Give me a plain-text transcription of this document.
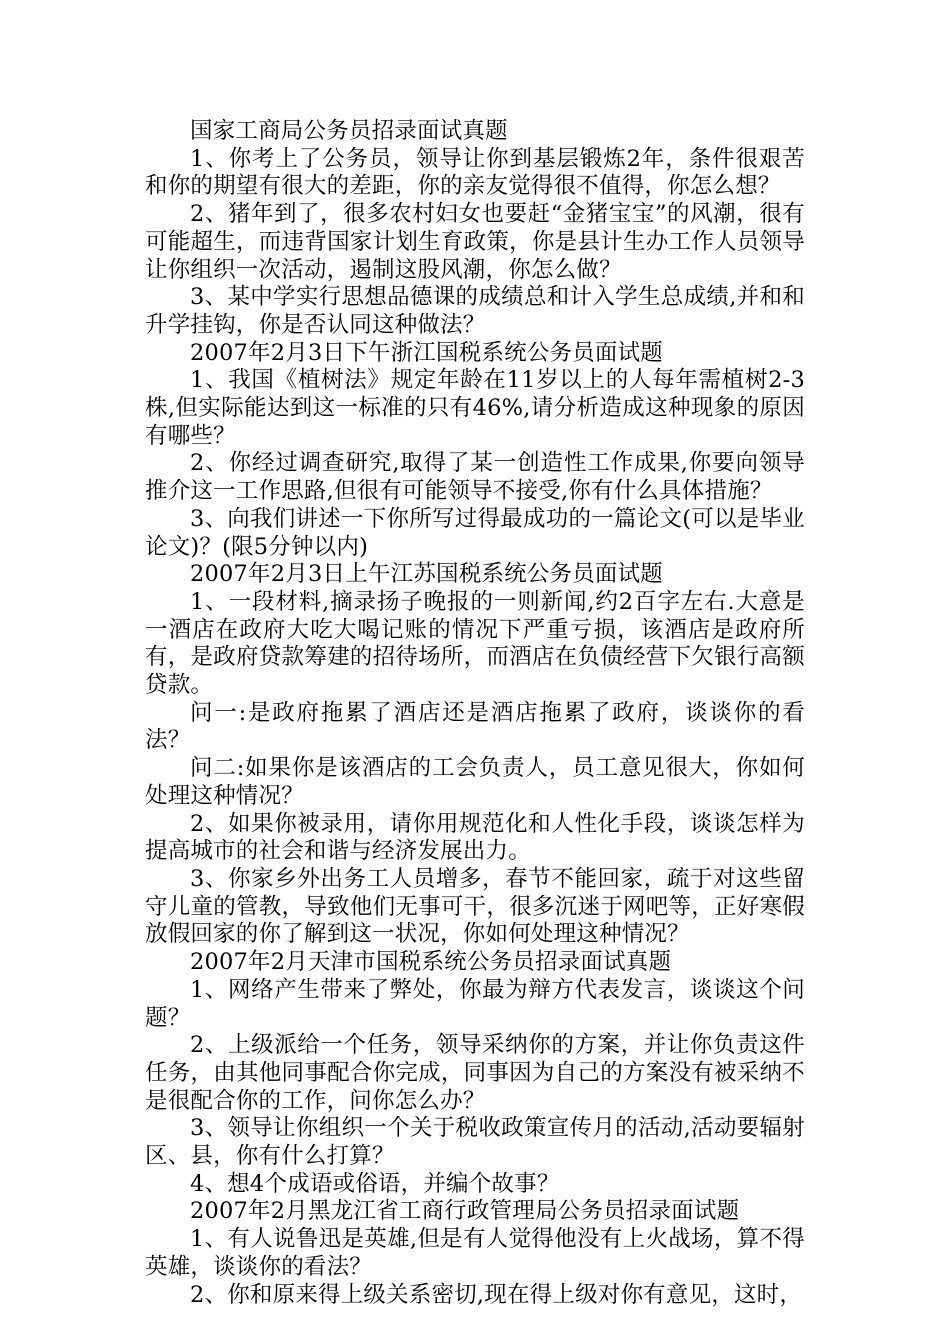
国家工商局公务员招录面试真题

1、你考上了公务员，领导让你到基层锻炼2年，条件很艰苦和你的期望有很大的差距，你的亲友觉得很不值得，你怎么想？

2、猪年到了，很多农村妇女也要赶“金猪宝宝”的风潮，很有可能超生，而违背国家计划生育政策，你是县计生办工作人员领导让你组织一次活动，遏制这股风潮，你怎么做？

3、某中学实行思想品德课的成绩总和计入学生总成绩,并和和升学挂钩，你是否认同这种做法？

2007年2月3日下午浙江国税系统公务员面试题

1、我国《植树法》规定年龄在11岁以上的人每年需植树2-3株,但实际能达到这一标准的只有46%,请分析造成这种现象的原因有哪些？

2、你经过调查研究,取得了某一创造性工作成果,你要向领导推介这一工作思路,但很有可能领导不接受,你有什么具体措施？

3、向我们讲述一下你所写过得最成功的一篇论文(可以是毕业论文)？(限5分钟以内)

2007年2月3日上午江苏国税系统公务员面试题

1、一段材料,摘录扬子晚报的一则新闻,约2百字左右.大意是一酒店在政府大吃大喝记账的情况下严重亏损，该酒店是政府所有，是政府贷款筹建的招待场所，而酒店在负债经营下欠银行高额贷款。

问一:是政府拖累了酒店还是酒店拖累了政府，谈谈你的看法？

问二:如果你是该酒店的工会负责人，员工意见很大，你如何处理这种情况？

2、如果你被录用，请你用规范化和人性化手段，谈谈怎样为提高城市的社会和谐与经济发展出力。

3、你家乡外出务工人员增多，春节不能回家，疏于对这些留守儿童的管教，导致他们无事可干，很多沉迷于网吧等，正好寒假放假回家的你了解到这一状况，你如何处理这种情况？

2007年2月天津市国税系统公务员招录面试真题

1、网络产生带来了弊处，你最为辩方代表发言，谈谈这个问题？

2、上级派给一个任务，领导采纳你的方案，并让你负责这件任务，由其他同事配合你完成，同事因为自己的方案没有被采纳不是很配合你的工作，问你怎么办？

3、领导让你组织一个关于税收政策宣传月的活动,活动要辐射区、县，你有什么打算？

4、想4个成语或俗语，并编个故事？

2007年2月黑龙江省工商行政管理局公务员招录面试题

1、有人说鲁迅是英雄,但是有人觉得他没有上火战场，算不得英雄，谈谈你的看法？

2、你和原来得上级关系密切,现在得上级对你有意见，这时，
